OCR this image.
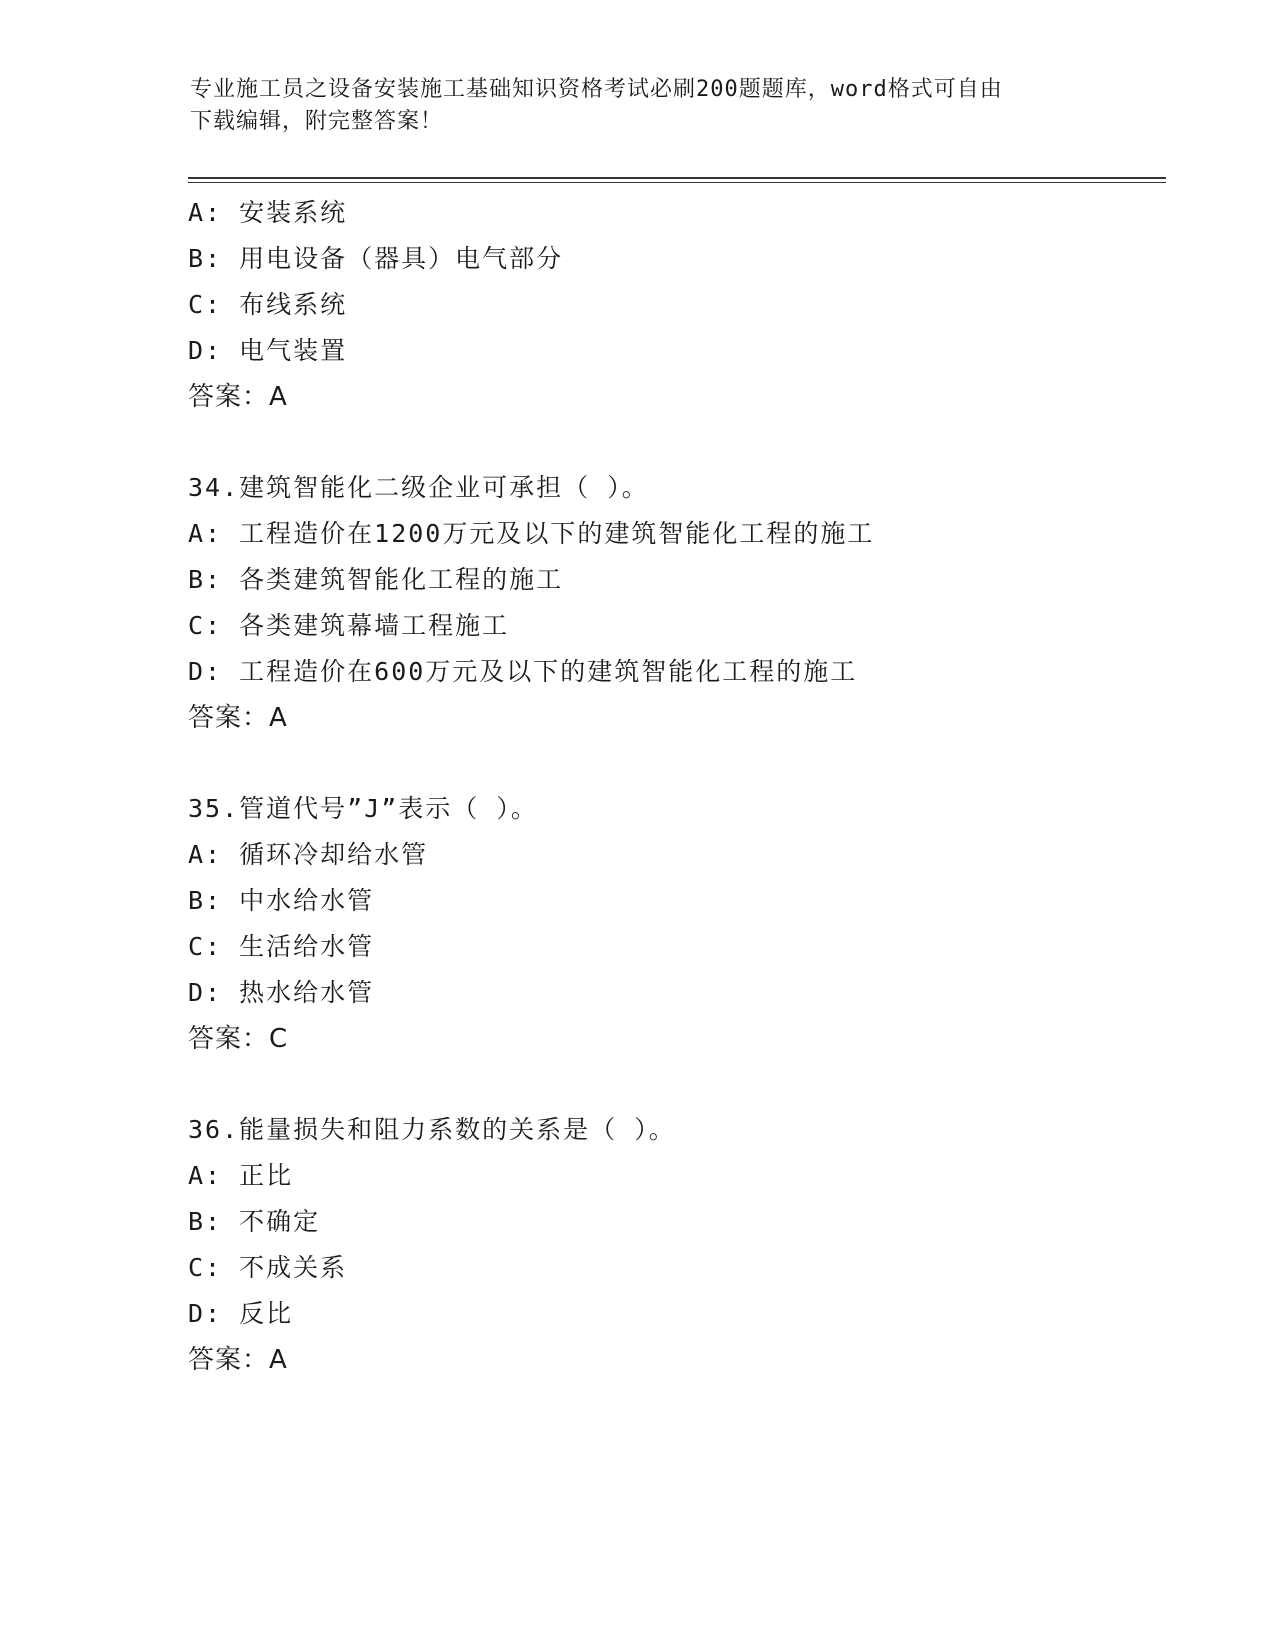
专业施工员之设备安装施工基础知识资格考试必刷200题题库，word格式可自由
下载编辑，附完整答案！
A: 安装系统
B: 用电设备（器具）电气部分
C: 布线系统
D: 电气装置
答案：A
34.建筑智能化二级企业可承担（ ）。
A: 工程造价在1200万元及以下的建筑智能化工程的施工
B: 各类建筑智能化工程的施工
C: 各类建筑幕墙工程施工
D: 工程造价在600万元及以下的建筑智能化工程的施工
答案：A
35.管道代号”J”表示（ ）。
A: 循环冷却给水管
B: 中水给水管
C: 生活给水管
D: 热水给水管
答案：C
36.能量损失和阻力系数的关系是（ ）。
A: 正比
B: 不确定
C: 不成关系
D: 反比
答案：A
